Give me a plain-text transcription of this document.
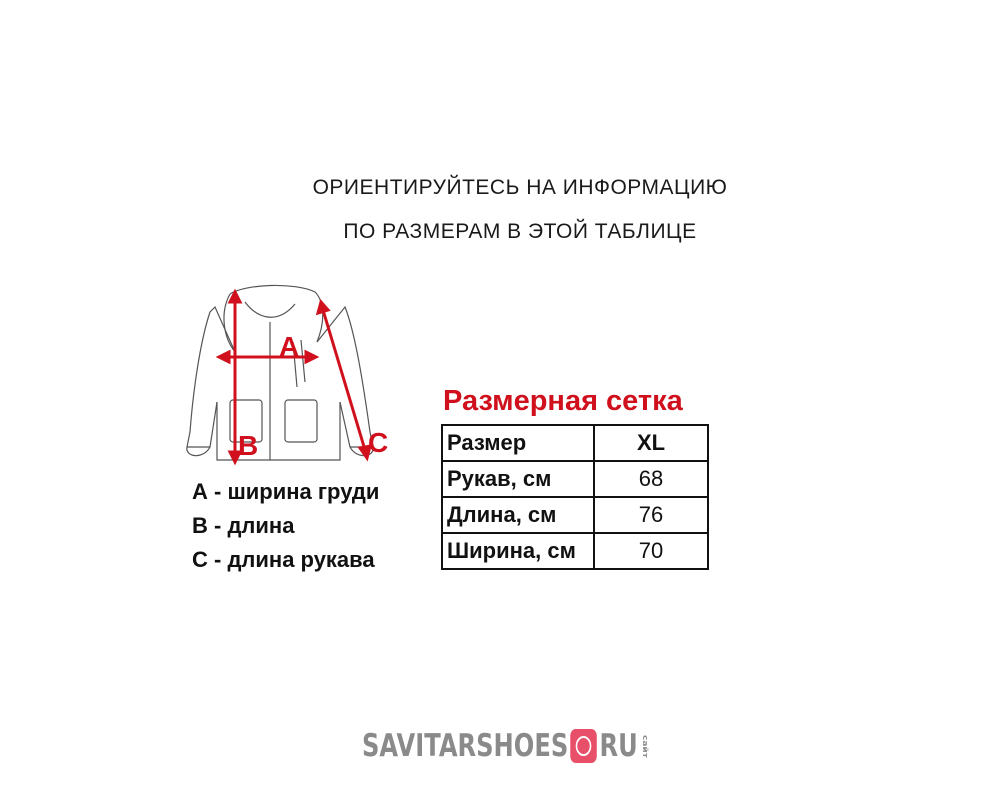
ОРИЕНТИРУЙТЕСЬ НА ИНФОРМАЦИЮ
ПО РАЗМЕРАМ В ЭТОЙ ТАБЛИЦЕ
A
B	C
А - ширина груди
В - длина
С - длина рукава
Размерная сетка
Размер	XL
Рукав, см	68
Длина, см	76
Ширина, см	70
SAVITARSHOES RU сайт
